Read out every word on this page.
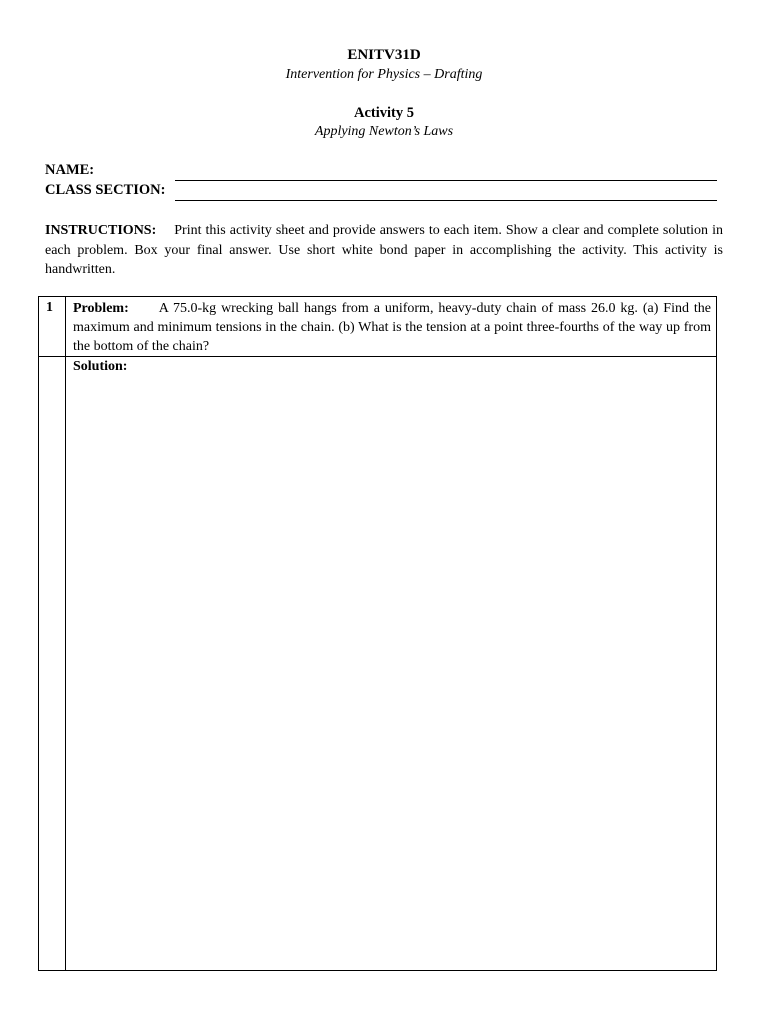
ENITV31D
Intervention for Physics – Drafting
Activity 5
Applying Newton’s Laws
NAME:
CLASS SECTION:
INSTRUCTIONS: Print this activity sheet and provide answers to each item. Show a clear and complete solution in each problem. Box your final answer. Use short white bond paper in accomplishing the activity. This activity is handwritten.
1 Problem: A 75.0-kg wrecking ball hangs from a uniform, heavy-duty chain of mass 26.0 kg. (a) Find the maximum and minimum tensions in the chain. (b) What is the tension at a point three-fourths of the way up from the bottom of the chain?
Solution:
